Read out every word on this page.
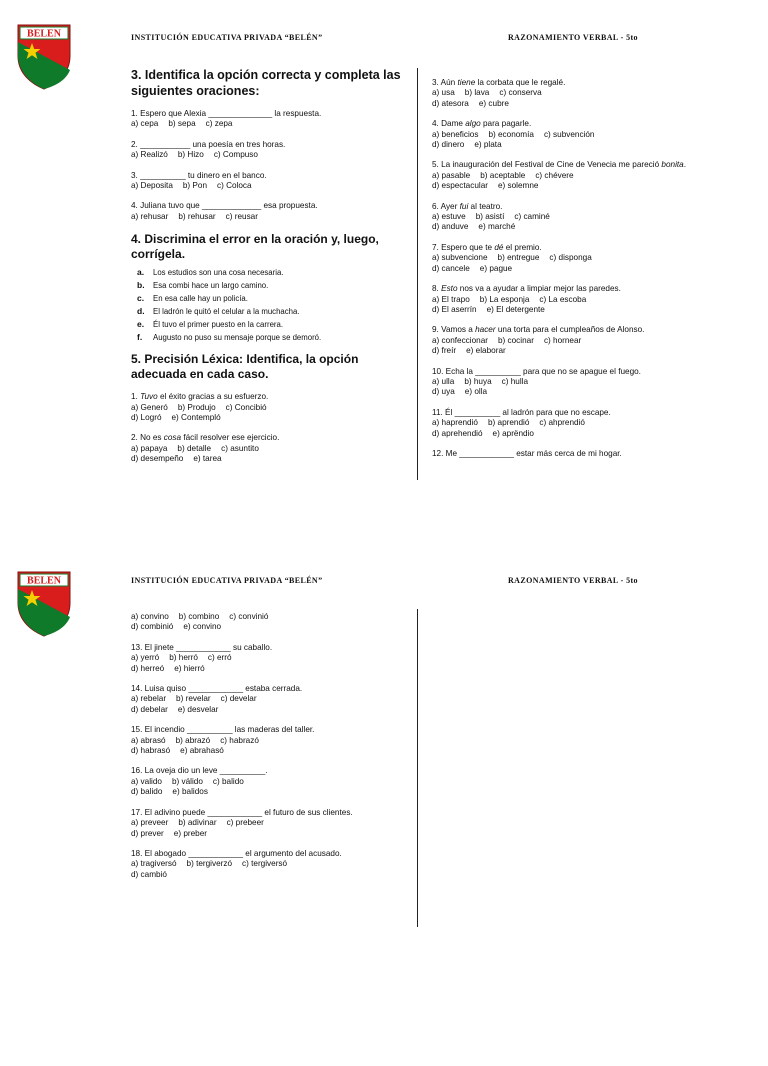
BELEN	INSTITUCIÓN EDUCATIVA PRIVADA “BELÉN”	RAZONAMIENTO VERBAL - 5to
3. Identifica la opción correcta y completa las siguientes oraciones:
1. Espero que Alexia ______________ la respuesta.
a) cepa b) sepa c) zepa
2. ___________ una poesía en tres horas.
a) Realizó b) Hizo c) Compuso
3. __________ tu dinero en el banco.
a) Deposita b) Pon c) Coloca
4. Juliana tuvo que _____________ esa propuesta.
a) rehusar b) rehusar c) reusar
4. Discrimina el error en la oración y, luego, corrígela.
a. Los estudios son una cosa necesaria.
b. Esa combi hace un largo camino.
c. En esa calle hay un policía.
d. El ladrón le quitó el celular a la muchacha.
e. Él tuvo el primer puesto en la carrera.
f. Augusto no puso su mensaje porque se demoró.
5. Precisión Léxica: Identifica, la opción adecuada en cada caso.
1. Tuvo el éxito gracias a su esfuerzo.
a) Generó b) Produjo c) Concibió
d) Logró e) Contempló
2. No es cosa fácil resolver ese ejercicio.
a) papaya b) detalle c) asuntito
d) desempeño e) tarea
3. Aún tiene la corbata que le regalé.
a) usa b) lava c) conserva
d) atesora e) cubre
4. Dame algo para pagarle.
a) beneficios b) economía c) subvención
d) dinero e) plata
5. La inauguración del Festival de Cine de Venecia me pareció bonita.
a) pasable b) aceptable c) chévere
d) espectacular e) solemne
6. Ayer fui al teatro.
a) estuve b) asistí c) caminé
d) anduve e) marché
7. Espero que te dé el premio.
a) subvencione b) entregue c) disponga
d) cancele e) pague
8. Esto nos va a ayudar a limpiar mejor las paredes.
a) El trapo b) La esponja c) La escoba
d) El aserrín e) El detergente
9. Vamos a hacer una torta para el cumpleaños de Alonso.
a) confeccionar b) cocinar c) hornear
d) freír e) elaborar
10. Echa la __________ para que no se apague el fuego.
a) ulla b) huya c) hulla
d) uya e) olla
11. Él __________ al ladrón para que no escape.
a) haprendió b) aprendió c) ahprendió
d) aprehendió e) aprëndio
12. Me ____________ estar más cerca de mi hogar.
BELEN	INSTITUCIÓN EDUCATIVA PRIVADA “BELÉN”	RAZONAMIENTO VERBAL - 5to
a) convino b) combino c) convinió
d) combinió e) convino
13. El jinete ____________ su caballo.
a) yerró b) herró c) erró
d) herreó e) hierró
14. Luisa quiso ____________ estaba cerrada.
a) rebelar b) revelar c) develar
d) debelar e) desvelar
15. El incendio __________ las maderas del taller.
a) abrasó b) abrazó c) habrazó
d) habrasó e) abrahasó
16. La oveja dio un leve __________.
a) valido b) válido c) balido
d) balido e) balidos
17. El adivino puede ____________ el futuro de sus clientes.
a) preveer b) adivinar c) prebeer
d) prever e) preber
18. El abogado ____________ el argumento del acusado.
a) tragiversó b) tergiverzó c) tergiversó
d) cambió
